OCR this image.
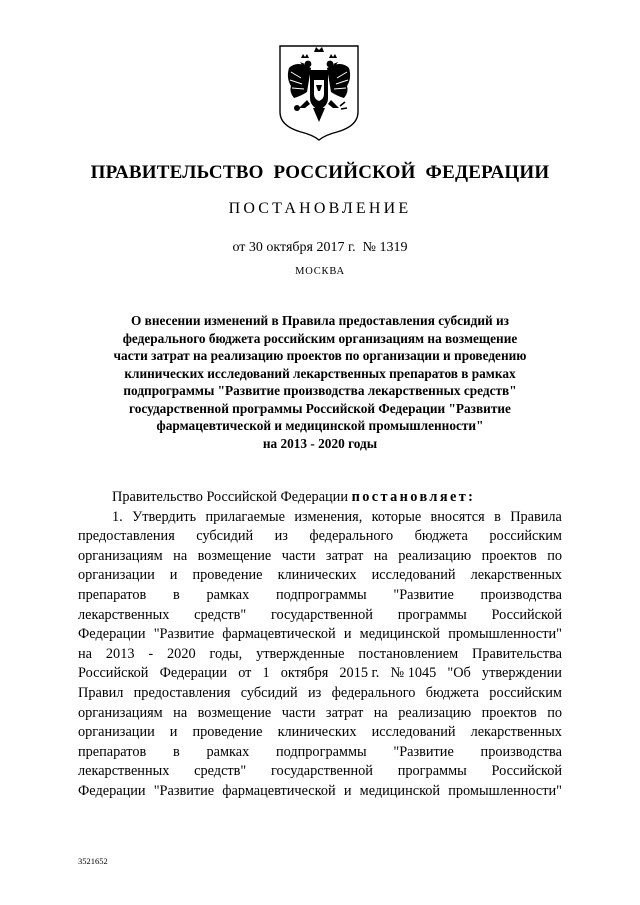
ПРАВИТЕЛЬСТВО РОССИЙСКОЙ ФЕДЕРАЦИИ
ПОСТАНОВЛЕНИЕ
от 30 октября 2017 г. № 1319
МОСКВА
О внесении изменений в Правила предоставления субсидий из
федерального бюджета российским организациям на возмещение
части затрат на реализацию проектов по организации и проведению
клинических исследований лекарственных препаратов в рамках
подпрограммы "Развитие производства лекарственных средств"
государственной программы Российской Федерации "Развитие
фармацевтической и медицинской промышленности"
на 2013 - 2020 годы
Правительство Российской Федерации
постановляет:
1. Утвердить прилагаемые изменения, которые вносятся в Правила
предоставления субсидий из федерального бюджета российским
организациям на возмещение части затрат на реализацию проектов по
организации и проведение клинических исследований лекарственных
препаратов в рамках подпрограммы "Развитие производства
лекарственных средств" государственной программы Российской
Федерации "Развитие фармацевтической и медицинской промышленности"
на 2013 - 2020 годы, утвержденные постановлением Правительства
Российской Федерации от 1 октября 2015 г. № 1045 "Об утверждении
Правил предоставления субсидий из федерального бюджета российским
организациям на возмещение части затрат на реализацию проектов по
организации и проведение клинических исследований лекарственных
препаратов в рамках подпрограммы "Развитие производства
лекарственных средств" государственной программы Российской
Федерации "Развитие фармацевтической и медицинской промышленности"
3521652
